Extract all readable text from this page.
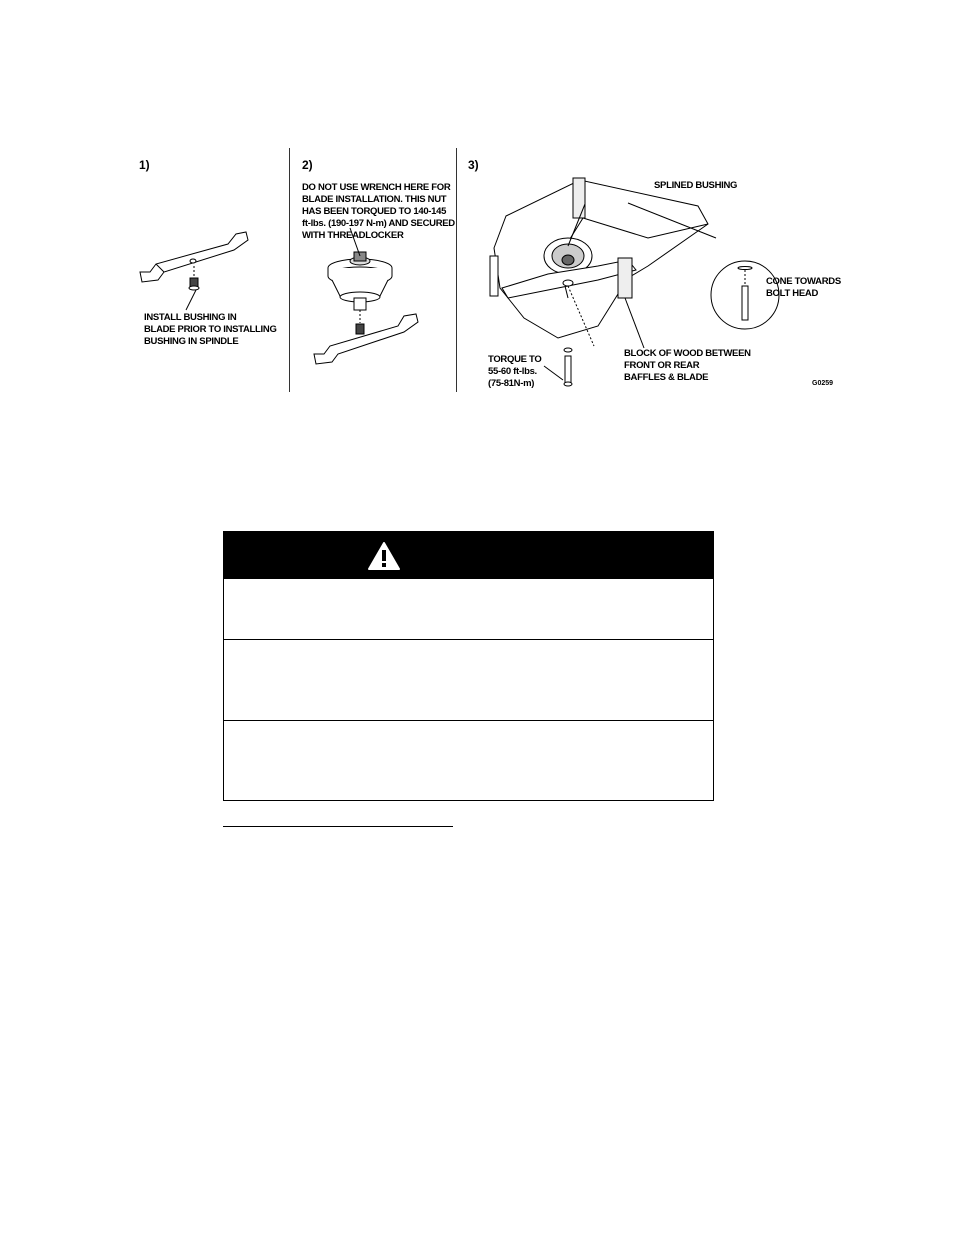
1)
INSTALL BUSHING IN
BLADE PRIOR TO INSTALLING
BUSHING IN SPINDLE
2)
DO NOT USE WRENCH HERE FOR
BLADE INSTALLATION. THIS NUT
HAS BEEN TORQUED TO 140-145
ft-lbs. (190-197 N-m) AND SECURED
WITH THREADLOCKER
3)
SPLINED BUSHING
CONE TOWARDS
BOLT HEAD
BLOCK OF WOOD BETWEEN
FRONT OR REAR
BAFFLES & BLADE
TORQUE TO
55-60 ft-lbs.
(75-81N-m)	G0259
